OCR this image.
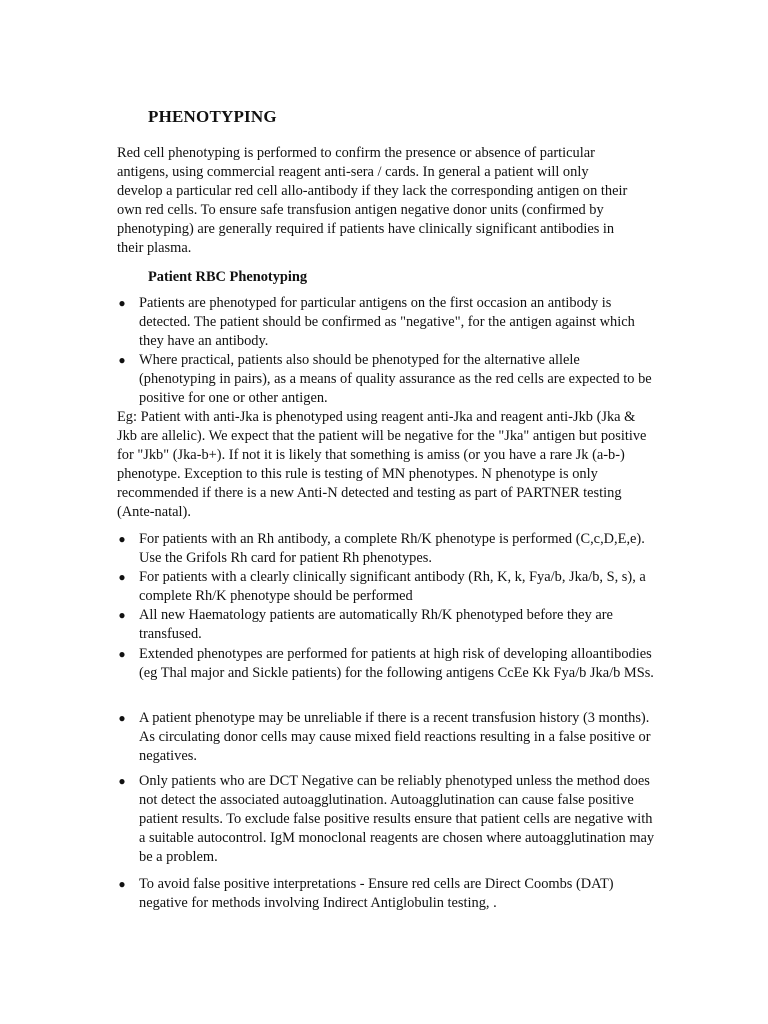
PHENOTYPING
Red cell phenotyping is performed to confirm the presence or absence of particular antigens, using commercial reagent anti-sera / cards. In general a patient will only develop a particular red cell allo-antibody if they lack the corresponding antigen on their own red cells. To ensure safe transfusion antigen negative donor units (confirmed by phenotyping) are generally required if patients have clinically significant antibodies in their plasma.
Patient RBC Phenotyping
● Patients are phenotyped for particular antigens on the first occasion an antibody is detected. The patient should be confirmed as "negative", for the antigen against which they have an antibody.
● Where practical, patients also should be phenotyped for the alternative allele (phenotyping in pairs), as a means of quality assurance as the red cells are expected to be positive for one or other antigen.
Eg: Patient with anti-Jka is phenotyped using reagent anti-Jka and reagent anti-Jkb (Jka & Jkb are allelic). We expect that the patient will be negative for the "Jka" antigen but positive for "Jkb" (Jka-b+). If not it is likely that something is amiss (or you have a rare Jk (a-b-) phenotype. Exception to this rule is testing of MN phenotypes. N phenotype is only recommended if there is a new Anti-N detected and testing as part of PARTNER testing (Ante-natal).
● For patients with an Rh antibody, a complete Rh/K phenotype is performed (C,c,D,E,e). Use the Grifols Rh card for patient Rh phenotypes.
● For patients with a clearly clinically significant antibody (Rh, K, k, Fya/b, Jka/b, S, s), a complete Rh/K phenotype should be performed
● All new Haematology patients are automatically Rh/K phenotyped before they are transfused.
● Extended phenotypes are performed for patients at high risk of developing alloantibodies (eg Thal major and Sickle patients) for the following antigens CcEe Kk Fya/b Jka/b MSs.
● A patient phenotype may be unreliable if there is a recent transfusion history (3 months). As circulating donor cells may cause mixed field reactions resulting in a false positive or negatives.
● Only patients who are DCT Negative can be reliably phenotyped unless the method does not detect the associated autoagglutination. Autoagglutination can cause false positive patient results. To exclude false positive results ensure that patient cells are negative with a suitable autocontrol. IgM monoclonal reagents are chosen where autoagglutination may be a problem.
● To avoid false positive interpretations - Ensure red cells are Direct Coombs (DAT) negative for methods involving Indirect Antiglobulin testing, .
